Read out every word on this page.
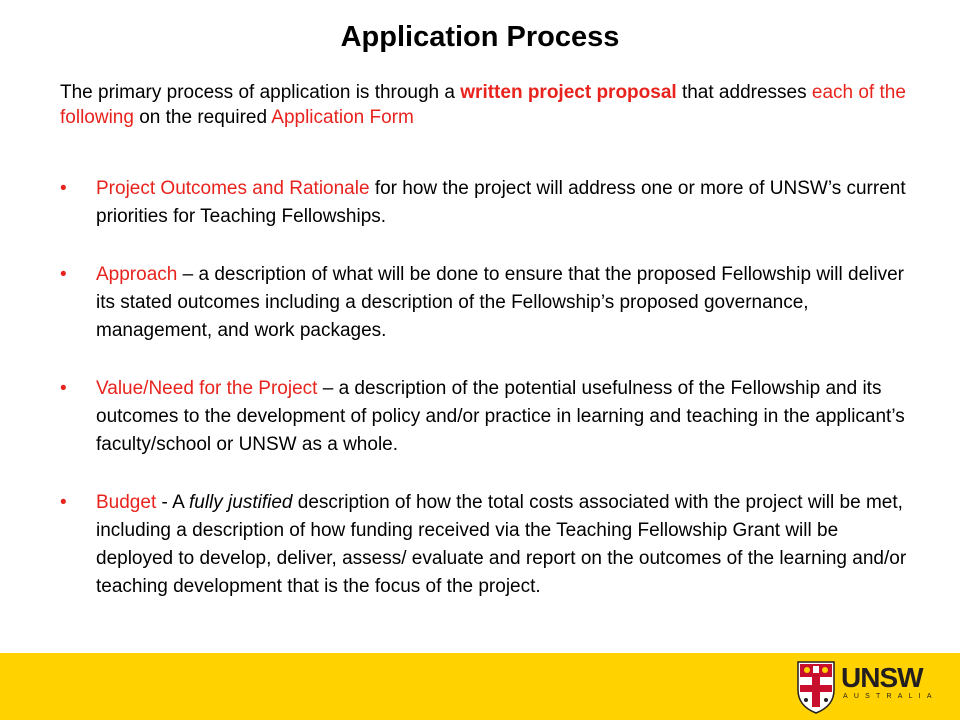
Application Process

The primary process of application is through a written project proposal that addresses each of the following on the required Application Form

• Project Outcomes and Rationale for how the project will address one or more of UNSW’s current priorities for Teaching Fellowships.
• Approach – a description of what will be done to ensure that the proposed Fellowship will deliver its stated outcomes including a description of the Fellowship’s proposed governance, management, and work packages.
• Value/Need for the Project – a description of the potential usefulness of the Fellowship and its outcomes to the development of policy and/or practice in learning and teaching in the applicant’s faculty/school or UNSW as a whole.
• Budget - A fully justified description of how the total costs associated with the project will be met, including a description of how funding received via the Teaching Fellowship Grant will be deployed to develop, deliver, assess/ evaluate and report on the outcomes of the learning and/or teaching development that is the focus of the project.
UNSW
AUSTRALIA
